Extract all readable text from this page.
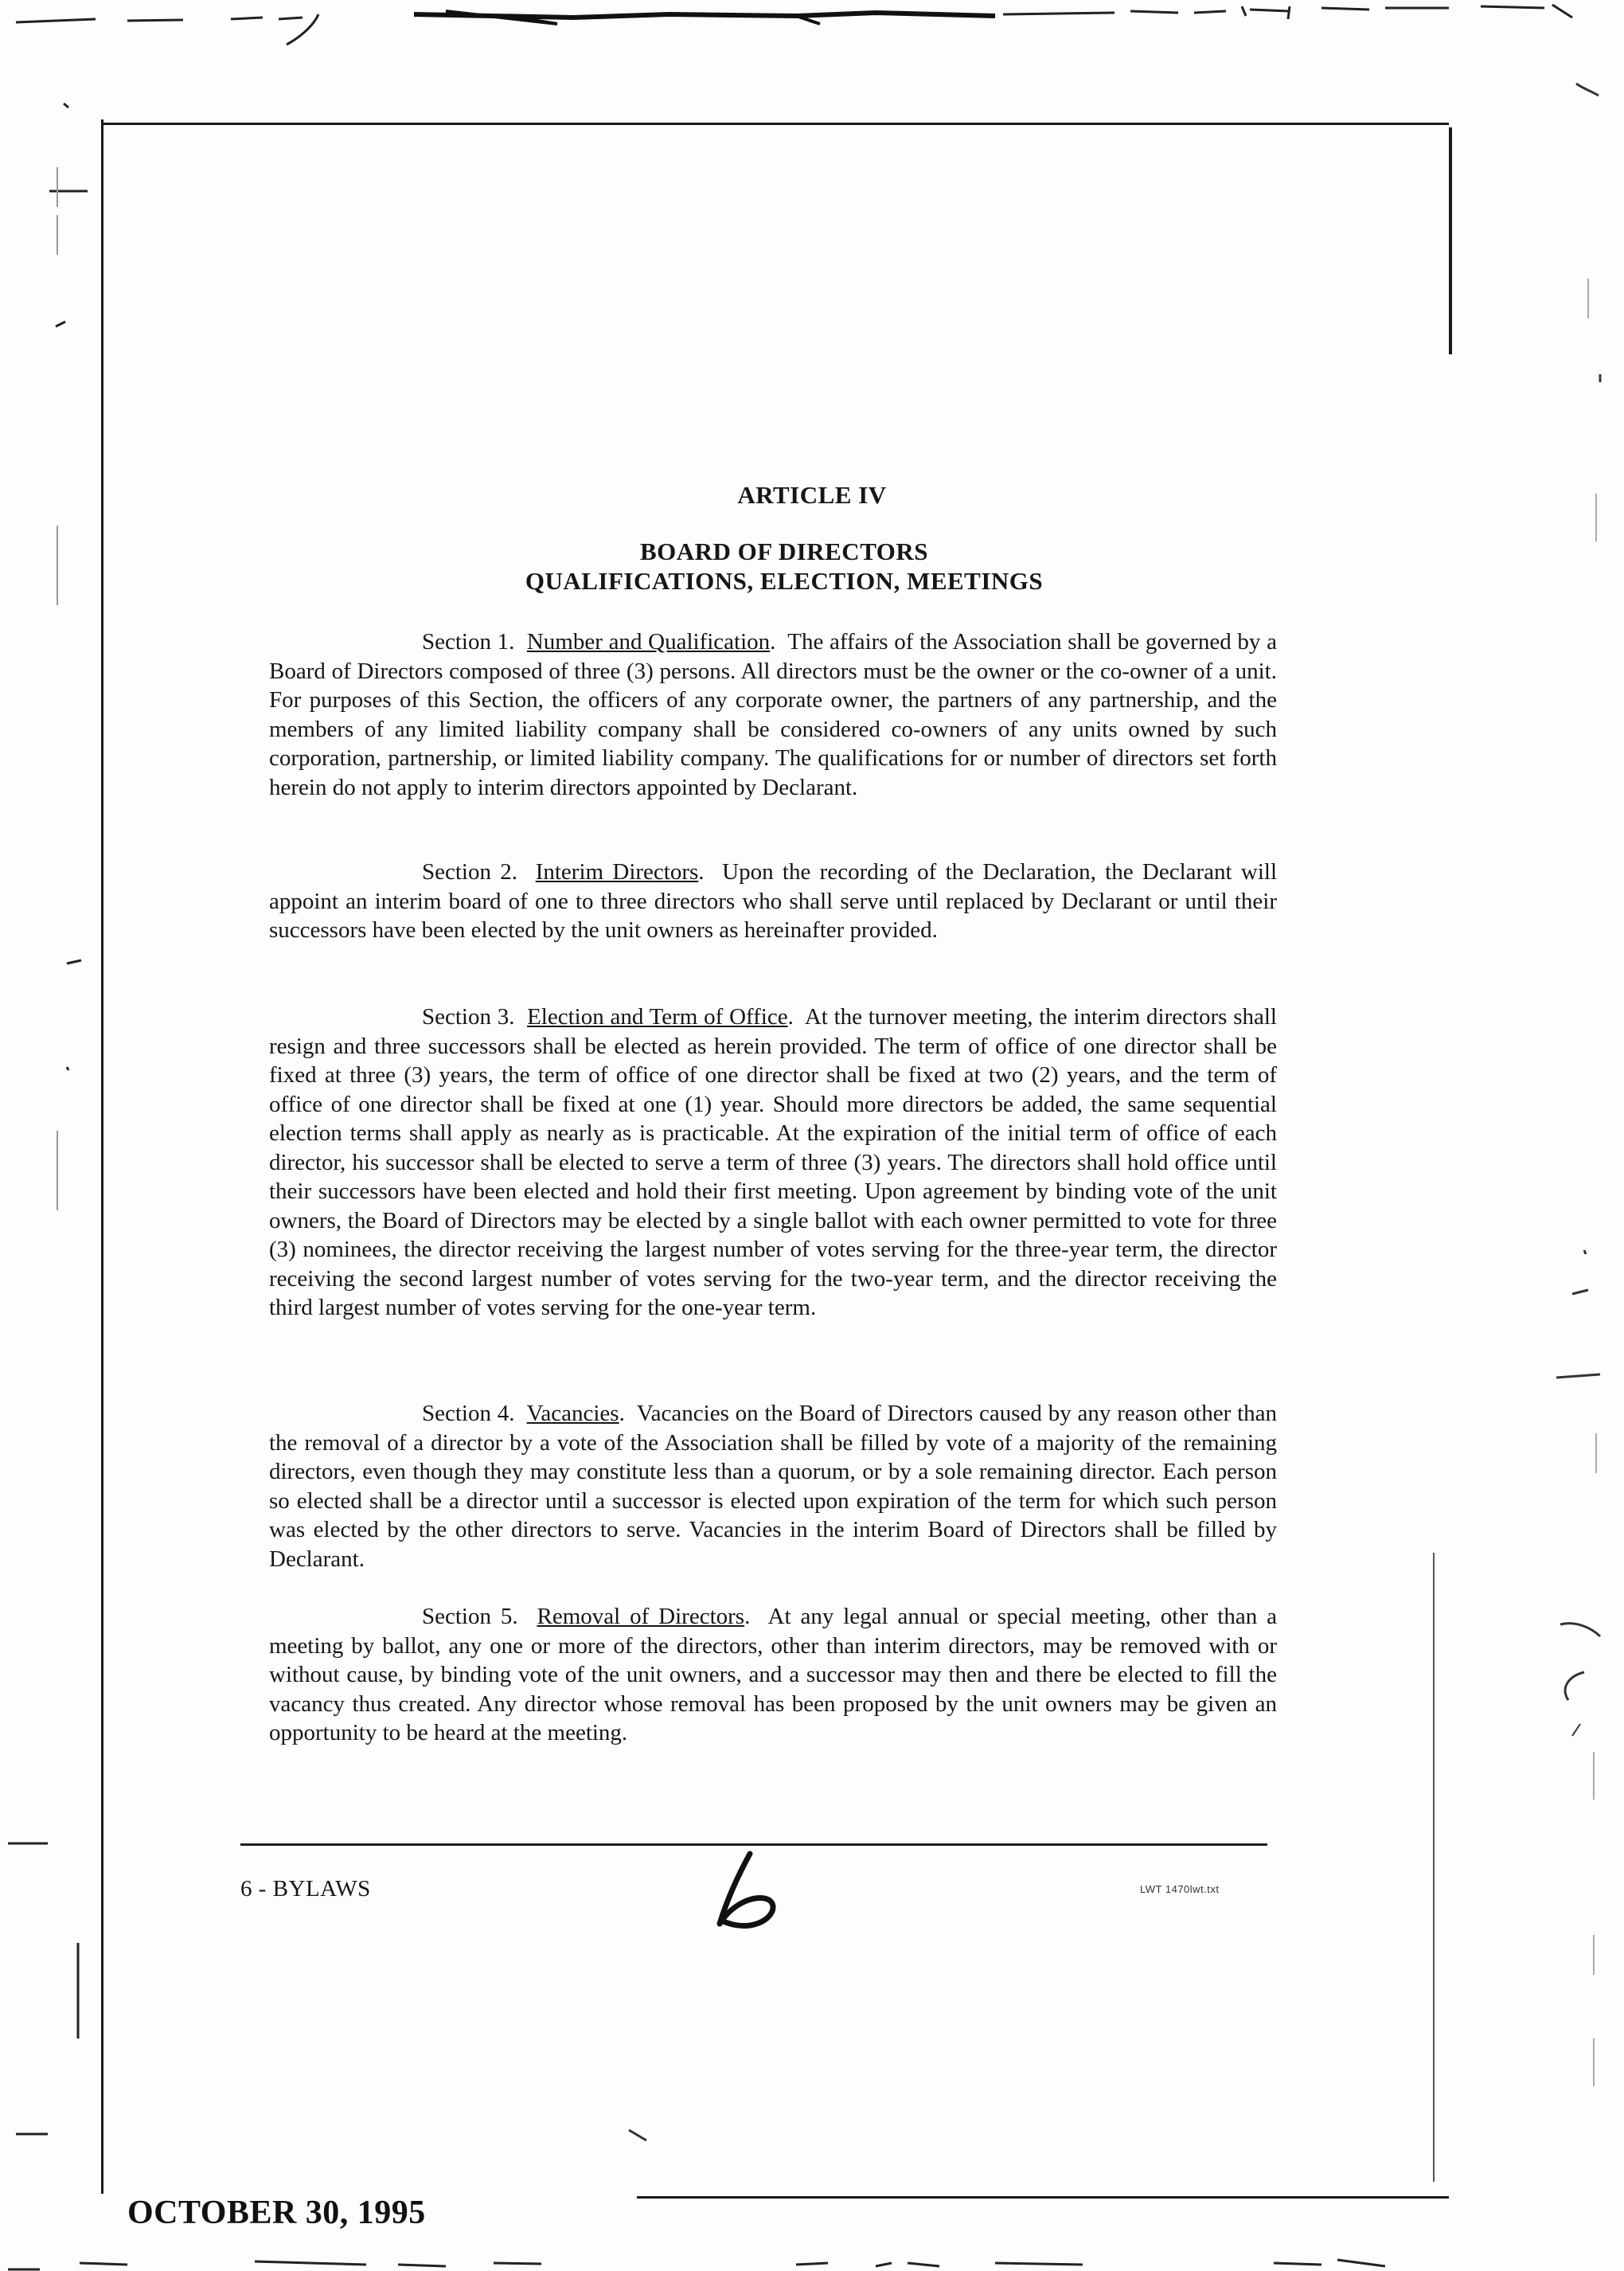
ARTICLE IV
BOARD OF DIRECTORS
QUALIFICATIONS, ELECTION, MEETINGS

Section 1. Number and Qualification.  The affairs of the Association shall be governed by a Board of Directors composed of three (3) persons. All directors must be the owner or the co-owner of a unit. For purposes of this Section, the officers of any corporate owner, the partners of any partnership, and the members of any limited liability company shall be considered co-owners of any units owned by such corporation, partnership, or limited liability company. The qualifications for or number of directors set forth herein do not apply to interim directors appointed by Declarant.

Section 2. Interim Directors.  Upon the recording of the Declaration, the Declarant will appoint an interim board of one to three directors who shall serve until replaced by Declarant or until their successors have been elected by the unit owners as hereinafter provided.

Section 3. Election and Term of Office.  At the turnover meeting, the interim directors shall resign and three successors shall be elected as herein provided. The term of office of one director shall be fixed at three (3) years, the term of office of one director shall be fixed at two (2) years, and the term of office of one director shall be fixed at one (1) year. Should more directors be added, the same sequential election terms shall apply as nearly as is practicable. At the expiration of the initial term of office of each director, his successor shall be elected to serve a term of three (3) years. The directors shall hold office until their successors have been elected and hold their first meeting. Upon agreement by binding vote of the unit owners, the Board of Directors may be elected by a single ballot with each owner permitted to vote for three (3) nominees, the director receiving the largest number of votes serving for the three-year term, the director receiving the second largest number of votes serving for the two-year term, and the director receiving the third largest number of votes serving for the one-year term.

Section 4. Vacancies.  Vacancies on the Board of Directors caused by any reason other than the removal of a director by a vote of the Association shall be filled by vote of a majority of the remaining directors, even though they may constitute less than a quorum, or by a sole remaining director. Each person so elected shall be a director until a successor is elected upon expiration of the term for which such person was elected by the other directors to serve. Vacancies in the interim Board of Directors shall be filled by Declarant.

Section 5. Removal of Directors.  At any legal annual or special meeting, other than a meeting by ballot, any one or more of the directors, other than interim directors, may be removed with or without cause, by binding vote of the unit owners, and a successor may then and there be elected to fill the vacancy thus created. Any director whose removal has been proposed by the unit owners may be given an opportunity to be heard at the meeting.

6 - BYLAWS	LWT 1470lwt.txt
OCTOBER 30, 1995
